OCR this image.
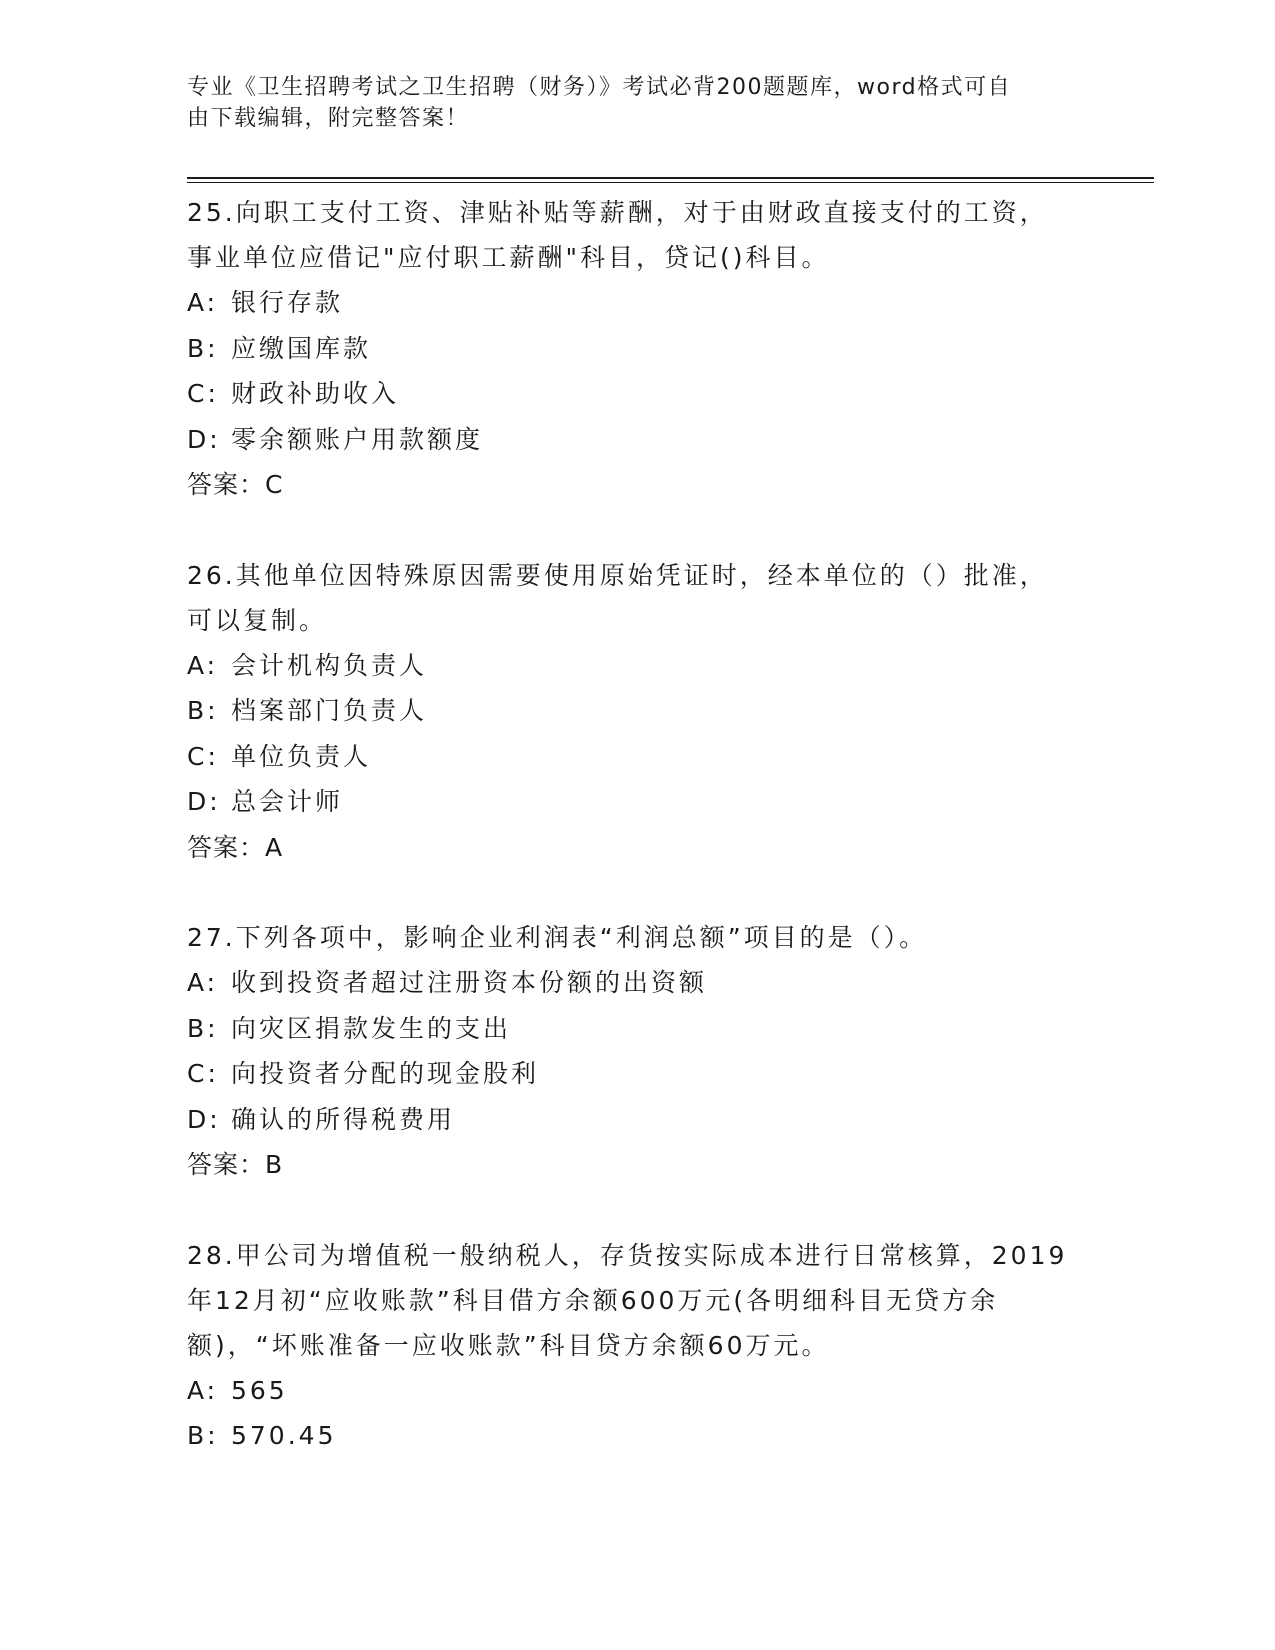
专业《卫生招聘考试之卫生招聘（财务）》考试必背200题题库，word格式可自
由下载编辑，附完整答案！
25.向职工支付工资、津贴补贴等薪酬，对于由财政直接支付的工资，
事业单位应借记"应付职工薪酬"科目，贷记()科目。
A: 银行存款
B: 应缴国库款
C: 财政补助收入
D: 零余额账户用款额度
答案：C
26.其他单位因特殊原因需要使用原始凭证时，经本单位的（）批准，
可以复制。
A: 会计机构负责人
B: 档案部门负责人
C: 单位负责人
D: 总会计师
答案：A
27.下列各项中，影响企业利润表“利润总额”项目的是（）。
A: 收到投资者超过注册资本份额的出资额
B: 向灾区捐款发生的支出
C: 向投资者分配的现金股利
D: 确认的所得税费用
答案：B
28.甲公司为增值税一般纳税人，存货按实际成本进行日常核算，2019
年12月初“应收账款”科目借方余额600万元(各明细科目无贷方余
额)，“坏账准备一应收账款”科目贷方余额60万元。
A: 565
B: 570.45
